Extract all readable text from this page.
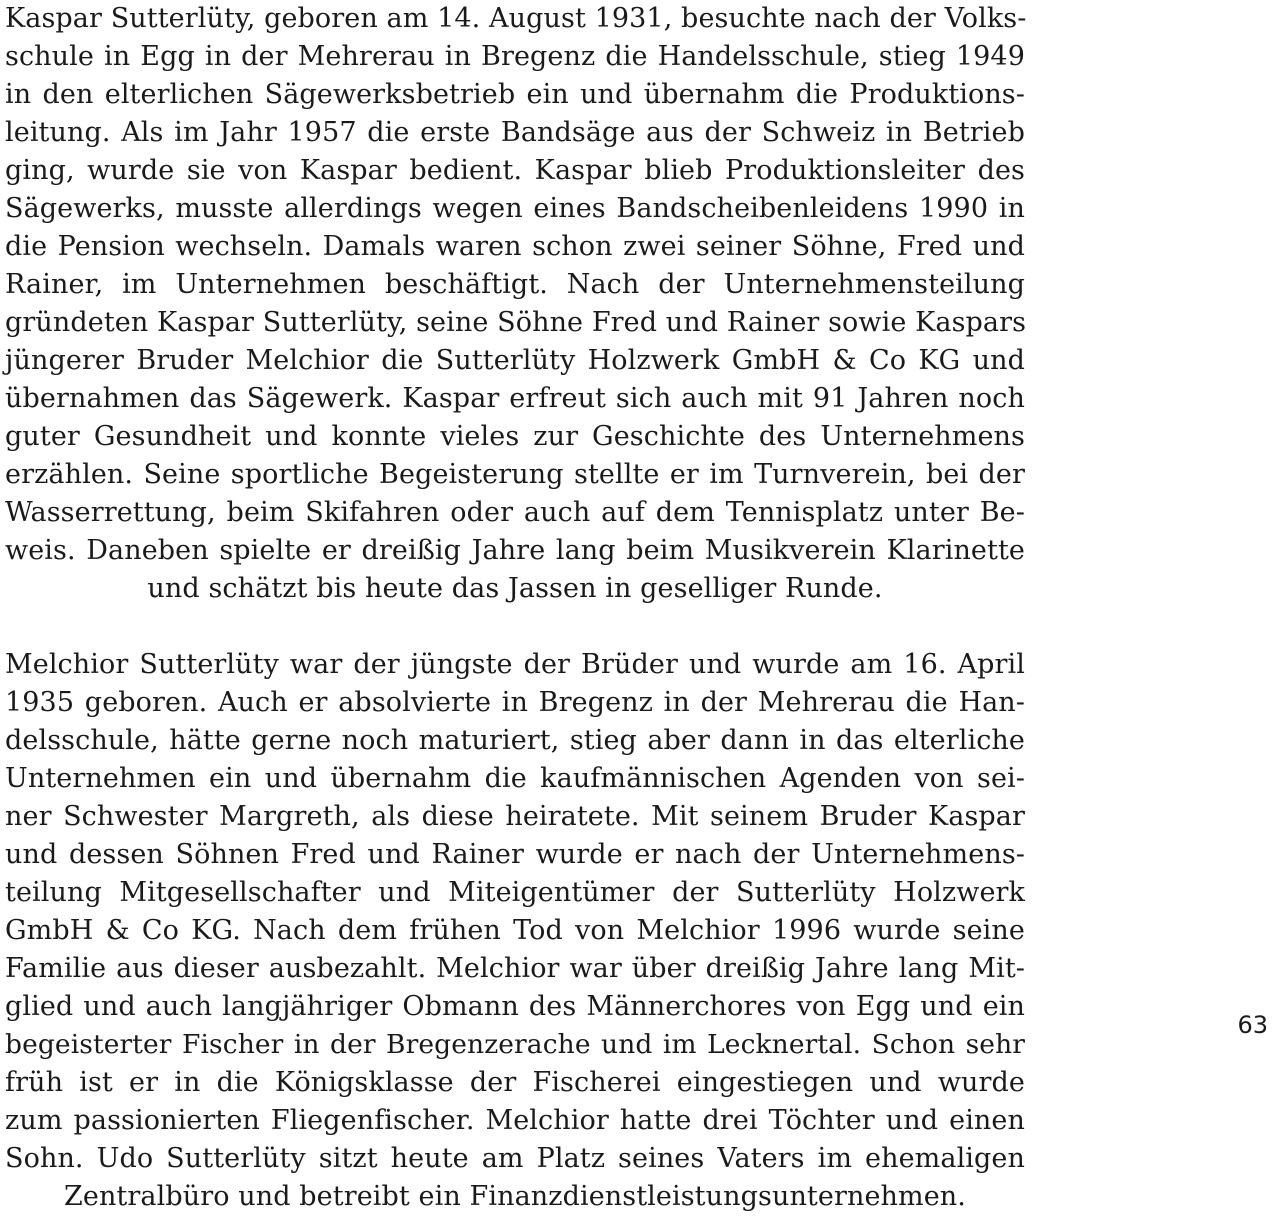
Kaspar Sutterlüty, geboren am 14. August 1931, besuchte nach der Volks-
schule in Egg in der Mehrerau in Bregenz die Handelsschule, stieg 1949
in den elterlichen Sägewerksbetrieb ein und übernahm die Produktions-
leitung. Als im Jahr 1957 die erste Bandsäge aus der Schweiz in Betrieb
ging, wurde sie von Kaspar bedient. Kaspar blieb Produktionsleiter des
Sägewerks, musste allerdings wegen eines Bandscheibenleidens 1990 in
die Pension wechseln. Damals waren schon zwei seiner Söhne, Fred und
Rainer, im Unternehmen beschäftigt. Nach der Unternehmensteilung
gründeten Kaspar Sutterlüty, seine Söhne Fred und Rainer sowie Kaspars
jüngerer Bruder Melchior die Sutterlüty Holzwerk GmbH & Co KG und
übernahmen das Sägewerk. Kaspar erfreut sich auch mit 91 Jahren noch
guter Gesundheit und konnte vieles zur Geschichte des Unternehmens
erzählen. Seine sportliche Begeisterung stellte er im Turnverein, bei der
Wasserrettung, beim Skifahren oder auch auf dem Tennisplatz unter Be-
weis. Daneben spielte er dreißig Jahre lang beim Musikverein Klarinette
und schätzt bis heute das Jassen in geselliger Runde.
Melchior Sutterlüty war der jüngste der Brüder und wurde am 16. April
1935 geboren. Auch er absolvierte in Bregenz in der Mehrerau die Han-
delsschule, hätte gerne noch maturiert, stieg aber dann in das elterliche
Unternehmen ein und übernahm die kaufmännischen Agenden von sei-
ner Schwester Margreth, als diese heiratete. Mit seinem Bruder Kaspar
und dessen Söhnen Fred und Rainer wurde er nach der Unternehmens-
teilung Mitgesellschafter und Miteigentümer der Sutterlüty Holzwerk
GmbH & Co KG. Nach dem frühen Tod von Melchior 1996 wurde seine
Familie aus dieser ausbezahlt. Melchior war über dreißig Jahre lang Mit-
glied und auch langjähriger Obmann des Männerchores von Egg und ein
begeisterter Fischer in der Bregenzerache und im Lecknertal. Schon sehr
früh ist er in die Königsklasse der Fischerei eingestiegen und wurde
zum passionierten Fliegenfischer. Melchior hatte drei Töchter und einen
Sohn. Udo Sutterlüty sitzt heute am Platz seines Vaters im ehemaligen
Zentralbüro und betreibt ein Finanzdienstleistungsunternehmen.
63
